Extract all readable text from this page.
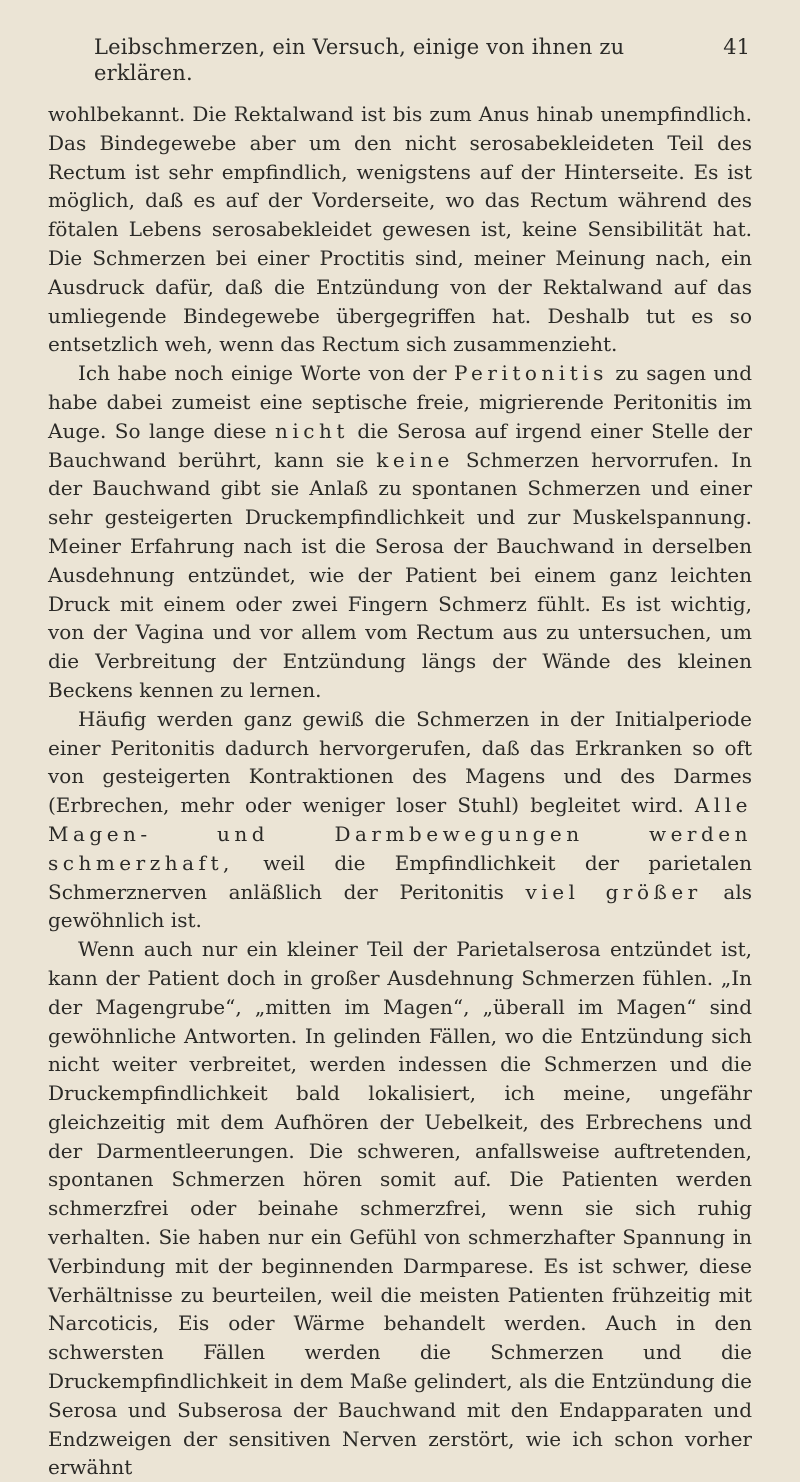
Leibschmerzen, ein Versuch, einige von ihnen zu erklären.
41

wohlbekannt. Die Rektalwand ist bis zum Anus hinab unempfindlich. Das Bindegewebe aber um den nicht serosabekleideten Teil des Rectum ist sehr empfindlich, wenigstens auf der Hinterseite. Es ist möglich, daß es auf der Vorderseite, wo das Rectum während des fötalen Lebens serosabekleidet gewesen ist, keine Sensibilität hat. Die Schmerzen bei einer Proctitis sind, meiner Meinung nach, ein Ausdruck dafür, daß die Entzündung von der Rektalwand auf das umliegende Bindegewebe übergegriffen hat. Deshalb tut es so entsetzlich weh, wenn das Rectum sich zusammenzieht.

Ich habe noch einige Worte von der Peritonitis zu sagen und habe dabei zumeist eine septische freie, migrierende Peritonitis im Auge. So lange diese nicht die Serosa auf irgend einer Stelle der Bauchwand berührt, kann sie keine Schmerzen hervorrufen. In der Bauchwand gibt sie Anlaß zu spontanen Schmerzen und einer sehr gesteigerten Druckempfindlichkeit und zur Muskelspannung. Meiner Erfahrung nach ist die Serosa der Bauchwand in derselben Ausdehnung entzündet, wie der Patient bei einem ganz leichten Druck mit einem oder zwei Fingern Schmerz fühlt. Es ist wichtig, von der Vagina und vor allem vom Rectum aus zu untersuchen, um die Verbreitung der Entzündung längs der Wände des kleinen Beckens kennen zu lernen.

Häufig werden ganz gewiß die Schmerzen in der Initialperiode einer Peritonitis dadurch hervorgerufen, daß das Erkranken so oft von gesteigerten Kontraktionen des Magens und des Darmes (Erbrechen, mehr oder weniger loser Stuhl) begleitet wird. Alle Magen- und Darmbewegungen werden schmerzhaft, weil die Empfindlichkeit der parietalen Schmerznerven anläßlich der Peritonitis viel größer als gewöhnlich ist.

Wenn auch nur ein kleiner Teil der Parietalserosa entzündet ist, kann der Patient doch in großer Ausdehnung Schmerzen fühlen. „In der Magengrube“, „mitten im Magen“, „überall im Magen“ sind gewöhnliche Antworten. In gelinden Fällen, wo die Entzündung sich nicht weiter verbreitet, werden indessen die Schmerzen und die Druckempfindlichkeit bald lokalisiert, ich meine, ungefähr gleichzeitig mit dem Aufhören der Uebelkeit, des Erbrechens und der Darmentleerungen. Die schweren, anfallsweise auftretenden, spontanen Schmerzen hören somit auf. Die Patienten werden schmerzfrei oder beinahe schmerzfrei, wenn sie sich ruhig verhalten. Sie haben nur ein Gefühl von schmerzhafter Spannung in Verbindung mit der beginnenden Darmparese. Es ist schwer, diese Verhältnisse zu beurteilen, weil die meisten Patienten frühzeitig mit Narcoticis, Eis oder Wärme behandelt werden. Auch in den schwersten Fällen werden die Schmerzen und die Druckempfindlichkeit in dem Maße gelindert, als die Entzündung die Serosa und Subserosa der Bauchwand mit den Endapparaten und Endzweigen der sensitiven Nerven zerstört, wie ich schon vorher erwähnt
